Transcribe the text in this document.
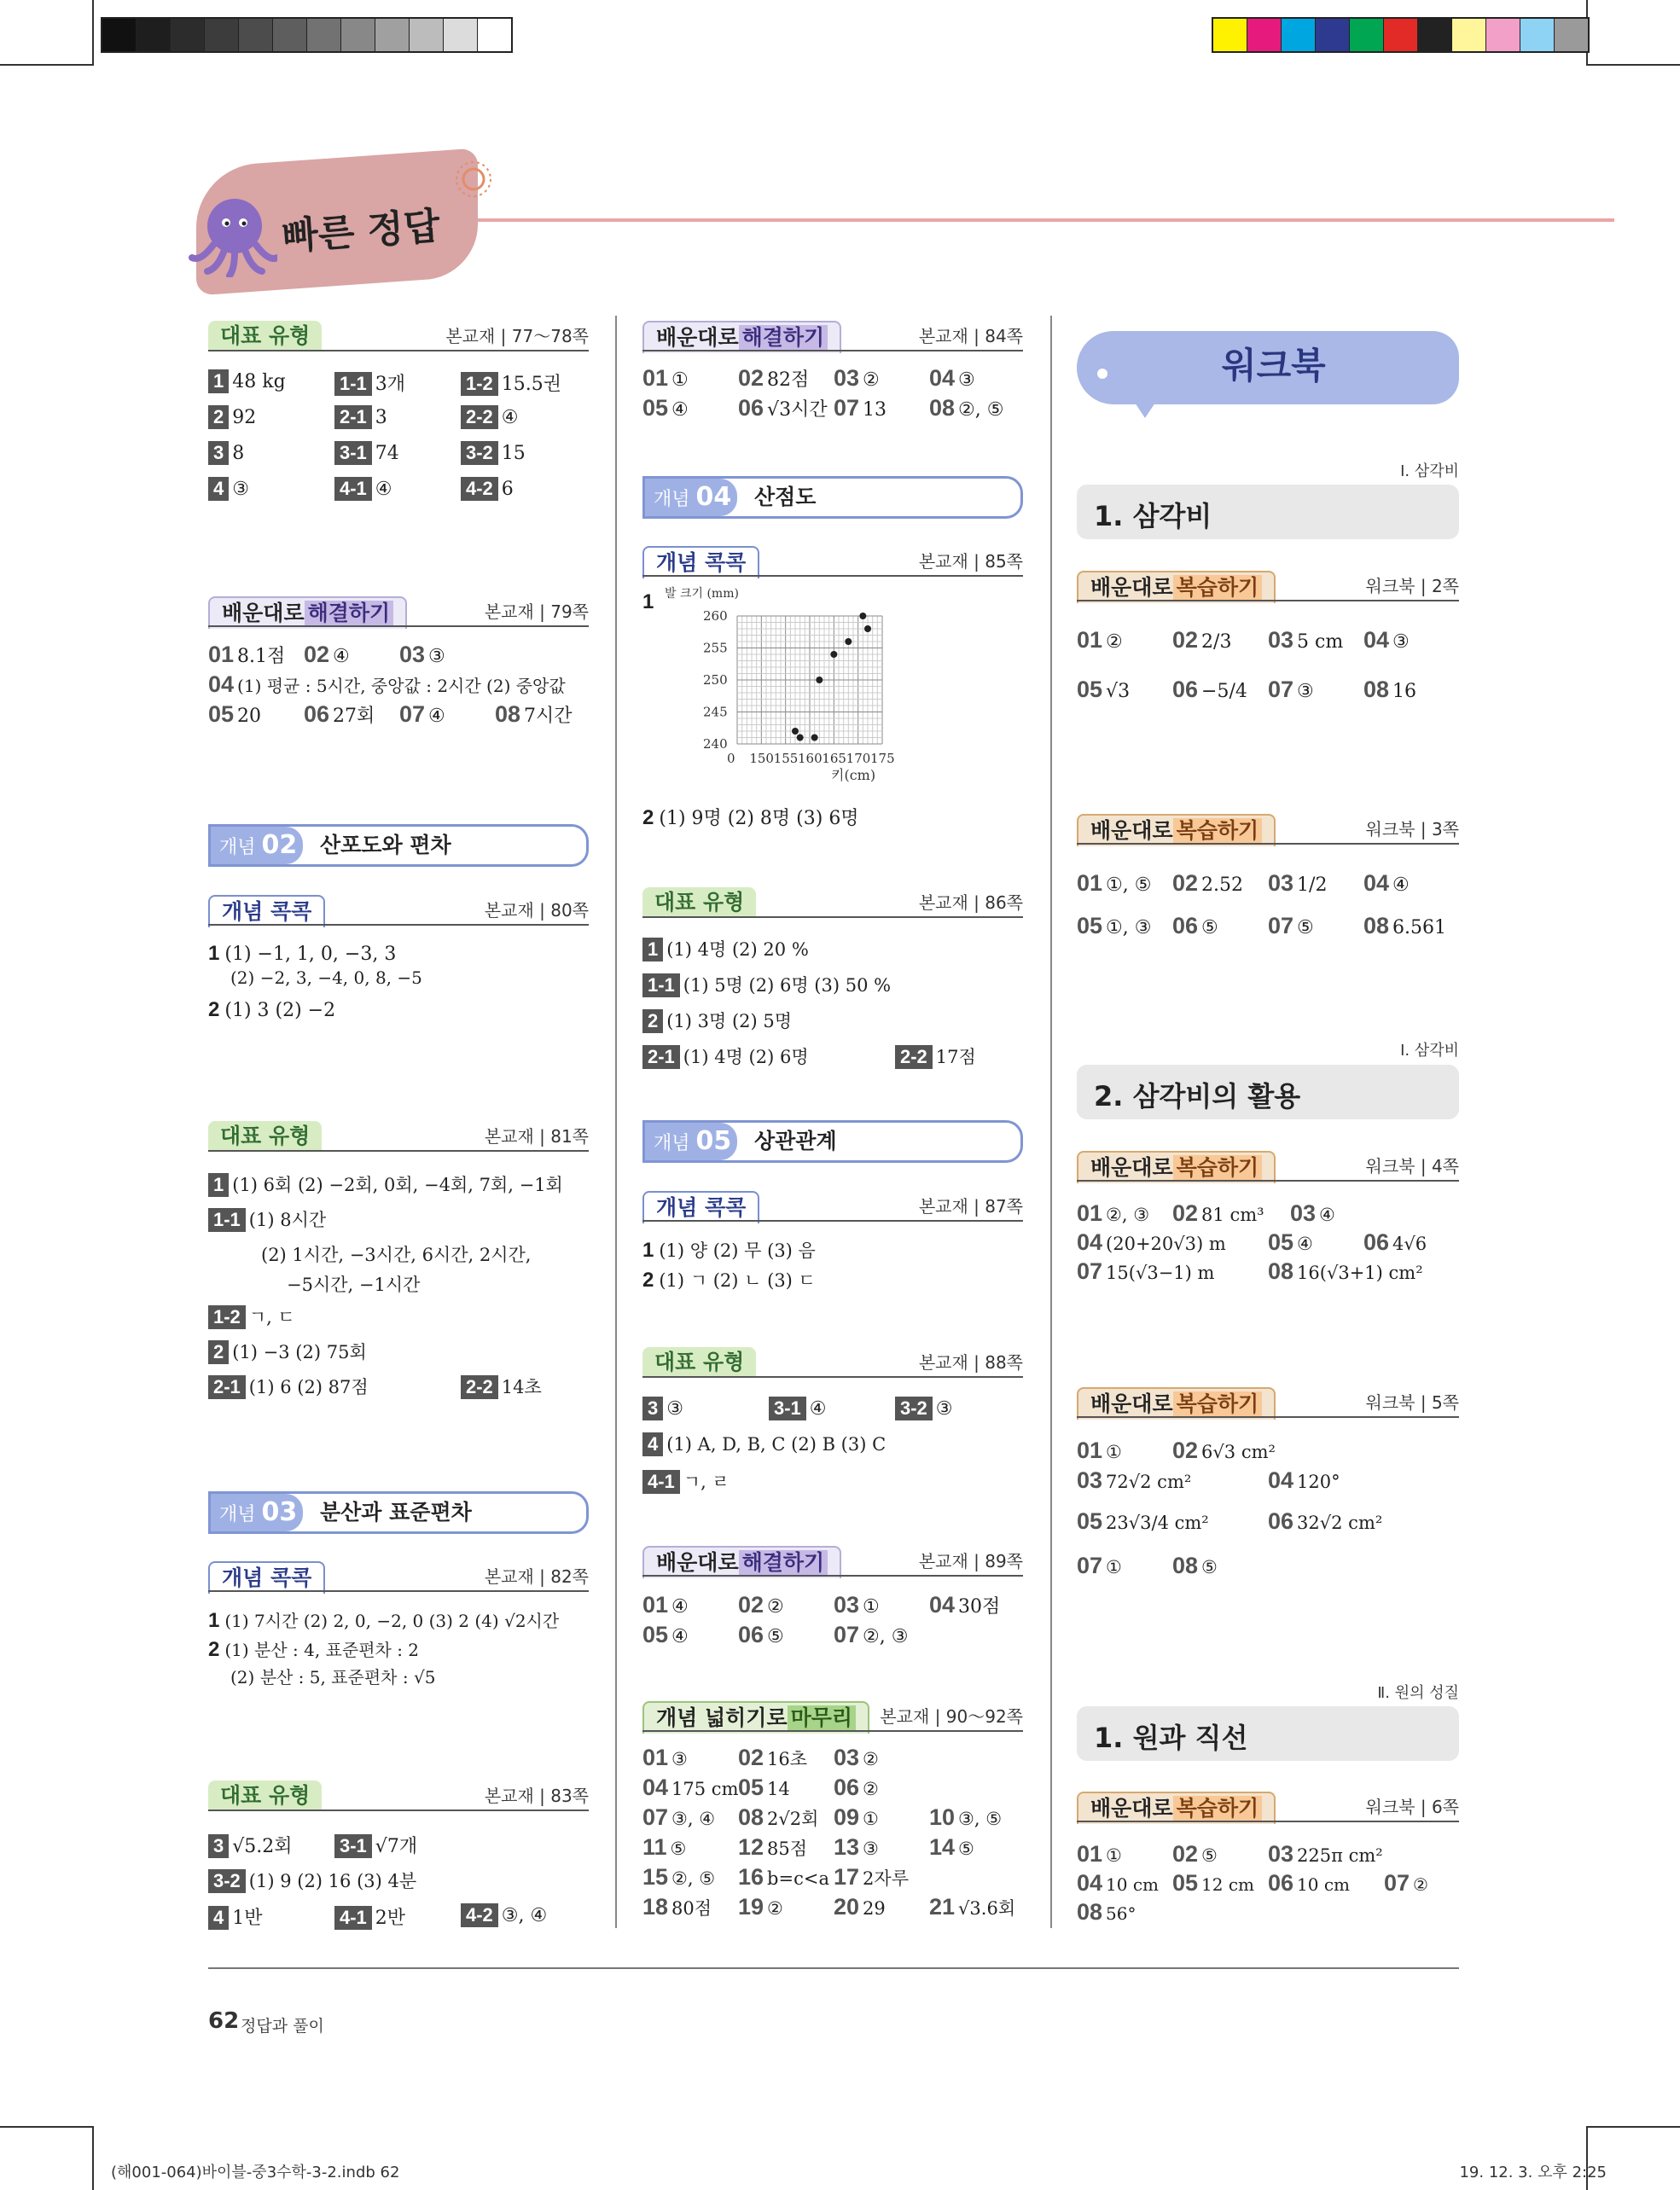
빠른 정답
대표 유형	본교재 | 77～78쪽
1 48 kg	1-1 3개	1-2 15.5권
2 92	2-1 3	2-2 ④
3 8	3-1 74	3-2 15
4 ③	4-1 ④	4-2 6
배운대로 해결하기	본교재 | 79쪽
01 8.1점 02 ④ 03 ③
04 (1) 평균 : 5시간, 중앙값 : 2시간 (2) 중앙값
05 20 06 27회 07 ④ 08 7시간
개념 02 산포도와 편차
개념 콕콕	본교재 | 80쪽
1 (1) −1, 1, 0, −3, 3
(2) −2, 3, −4, 0, 8, −5
2 (1) 3 (2) −2
대표 유형	본교재 | 81쪽
1 (1) 6회 (2) −2회, 0회, −4회, 7회, −1회
1-1 (1) 8시간
(2) 1시간, −3시간, 6시간, 2시간,
−5시간, −1시간
1-2 ㄱ, ㄷ
2 (1) −3 (2) 75회
2-1 (1) 6 (2) 87점	2-2 14초
개념 03 분산과 표준편차
개념 콕콕	본교재 | 82쪽
1 (1) 7시간 (2) 2, 0, −2, 0 (3) 2 (4) √2시간
2 (1) 분산 : 4, 표준편차 : 2
(2) 분산 : 5, 표준편차 : √5
대표 유형	본교재 | 83쪽
3 √5.2회	3-1 √7개
3-2 (1) 9 (2) 16 (3) 4분
4 1반	4-1 2반	4-2 ③, ④
배운대로 해결하기	본교재 | 84쪽
01 ① 02 82점 03 ② 04 ③
05 ④ 06 √3시간 07 13 08 ②, ⑤
개념 04 산점도
개념 콕콕	본교재 | 85쪽
1
0 150 155 160 165 170 175
240
245
250
255
260
발 크기 (mm)
키(cm)
2 (1) 9명 (2) 8명 (3) 6명
대표 유형	본교재 | 86쪽
1 (1) 4명 (2) 20 %
1-1 (1) 5명 (2) 6명 (3) 50 %
2 (1) 3명 (2) 5명
2-1 (1) 4명 (2) 6명	2-2 17점
개념 05 상관관계
개념 콕콕	본교재 | 87쪽
1 (1) 양 (2) 무 (3) 음
2 (1) ㄱ (2) ㄴ (3) ㄷ
대표 유형	본교재 | 88쪽
3 ③	3-1 ④	3-2 ③
4 (1) A, D, B, C (2) B (3) C
4-1 ㄱ, ㄹ
배운대로 해결하기	본교재 | 89쪽
01 ④ 02 ② 03 ① 04 30점
05 ④ 06 ⑤ 07 ②, ③
개념 넓히기로 마무리	본교재 | 90～92쪽
01 ③ 02 16초 03 ②
04 175 cm 05 14 06 ②
07 ③, ④ 08 2√2회 09 ① 10 ③, ⑤
11 ⑤ 12 85점 13 ③ 14 ⑤
15 ②, ⑤ 16 b=c<a 17 2자루
18 80점 19 ② 20 29 21 √3.6회
워크북
Ⅰ. 삼각비
1. 삼각비
배운대로 복습하기	워크북 | 2쪽
01 ② 02 2/3 03 5 cm 04 ③
05 √3 06 −5/4 07 ③ 08 16
배운대로 복습하기	워크북 | 3쪽
01 ①, ⑤ 02 2.52 03 1/2 04 ④
05 ①, ③ 06 ⑤ 07 ⑤ 08 6.561
Ⅰ. 삼각비
2. 삼각비의 활용
배운대로 복습하기	워크북 | 4쪽
01 ②, ③ 02 81 cm³ 03 ④
04 (20+20√3) m 05 ④ 06 4√6
07 15(√3−1) m 08 16(√3+1) cm²
배운대로 복습하기	워크북 | 5쪽
01 ① 02 6√3 cm²
03 72√2 cm²	04 120°
05 23√3/4 cm²	06 32√2 cm²
07 ① 08 ⑤
Ⅱ. 원의 성질
1. 원과 직선
배운대로 복습하기	워크북 | 6쪽
01 ① 02 ⑤ 03 225π cm²
04 10 cm 05 12 cm 06 10 cm 07 ②
08 56°
62 정답과 풀이
(해001-064)바이블-중3수학-3-2.indb 62	19. 12. 3. 오후 2:25
